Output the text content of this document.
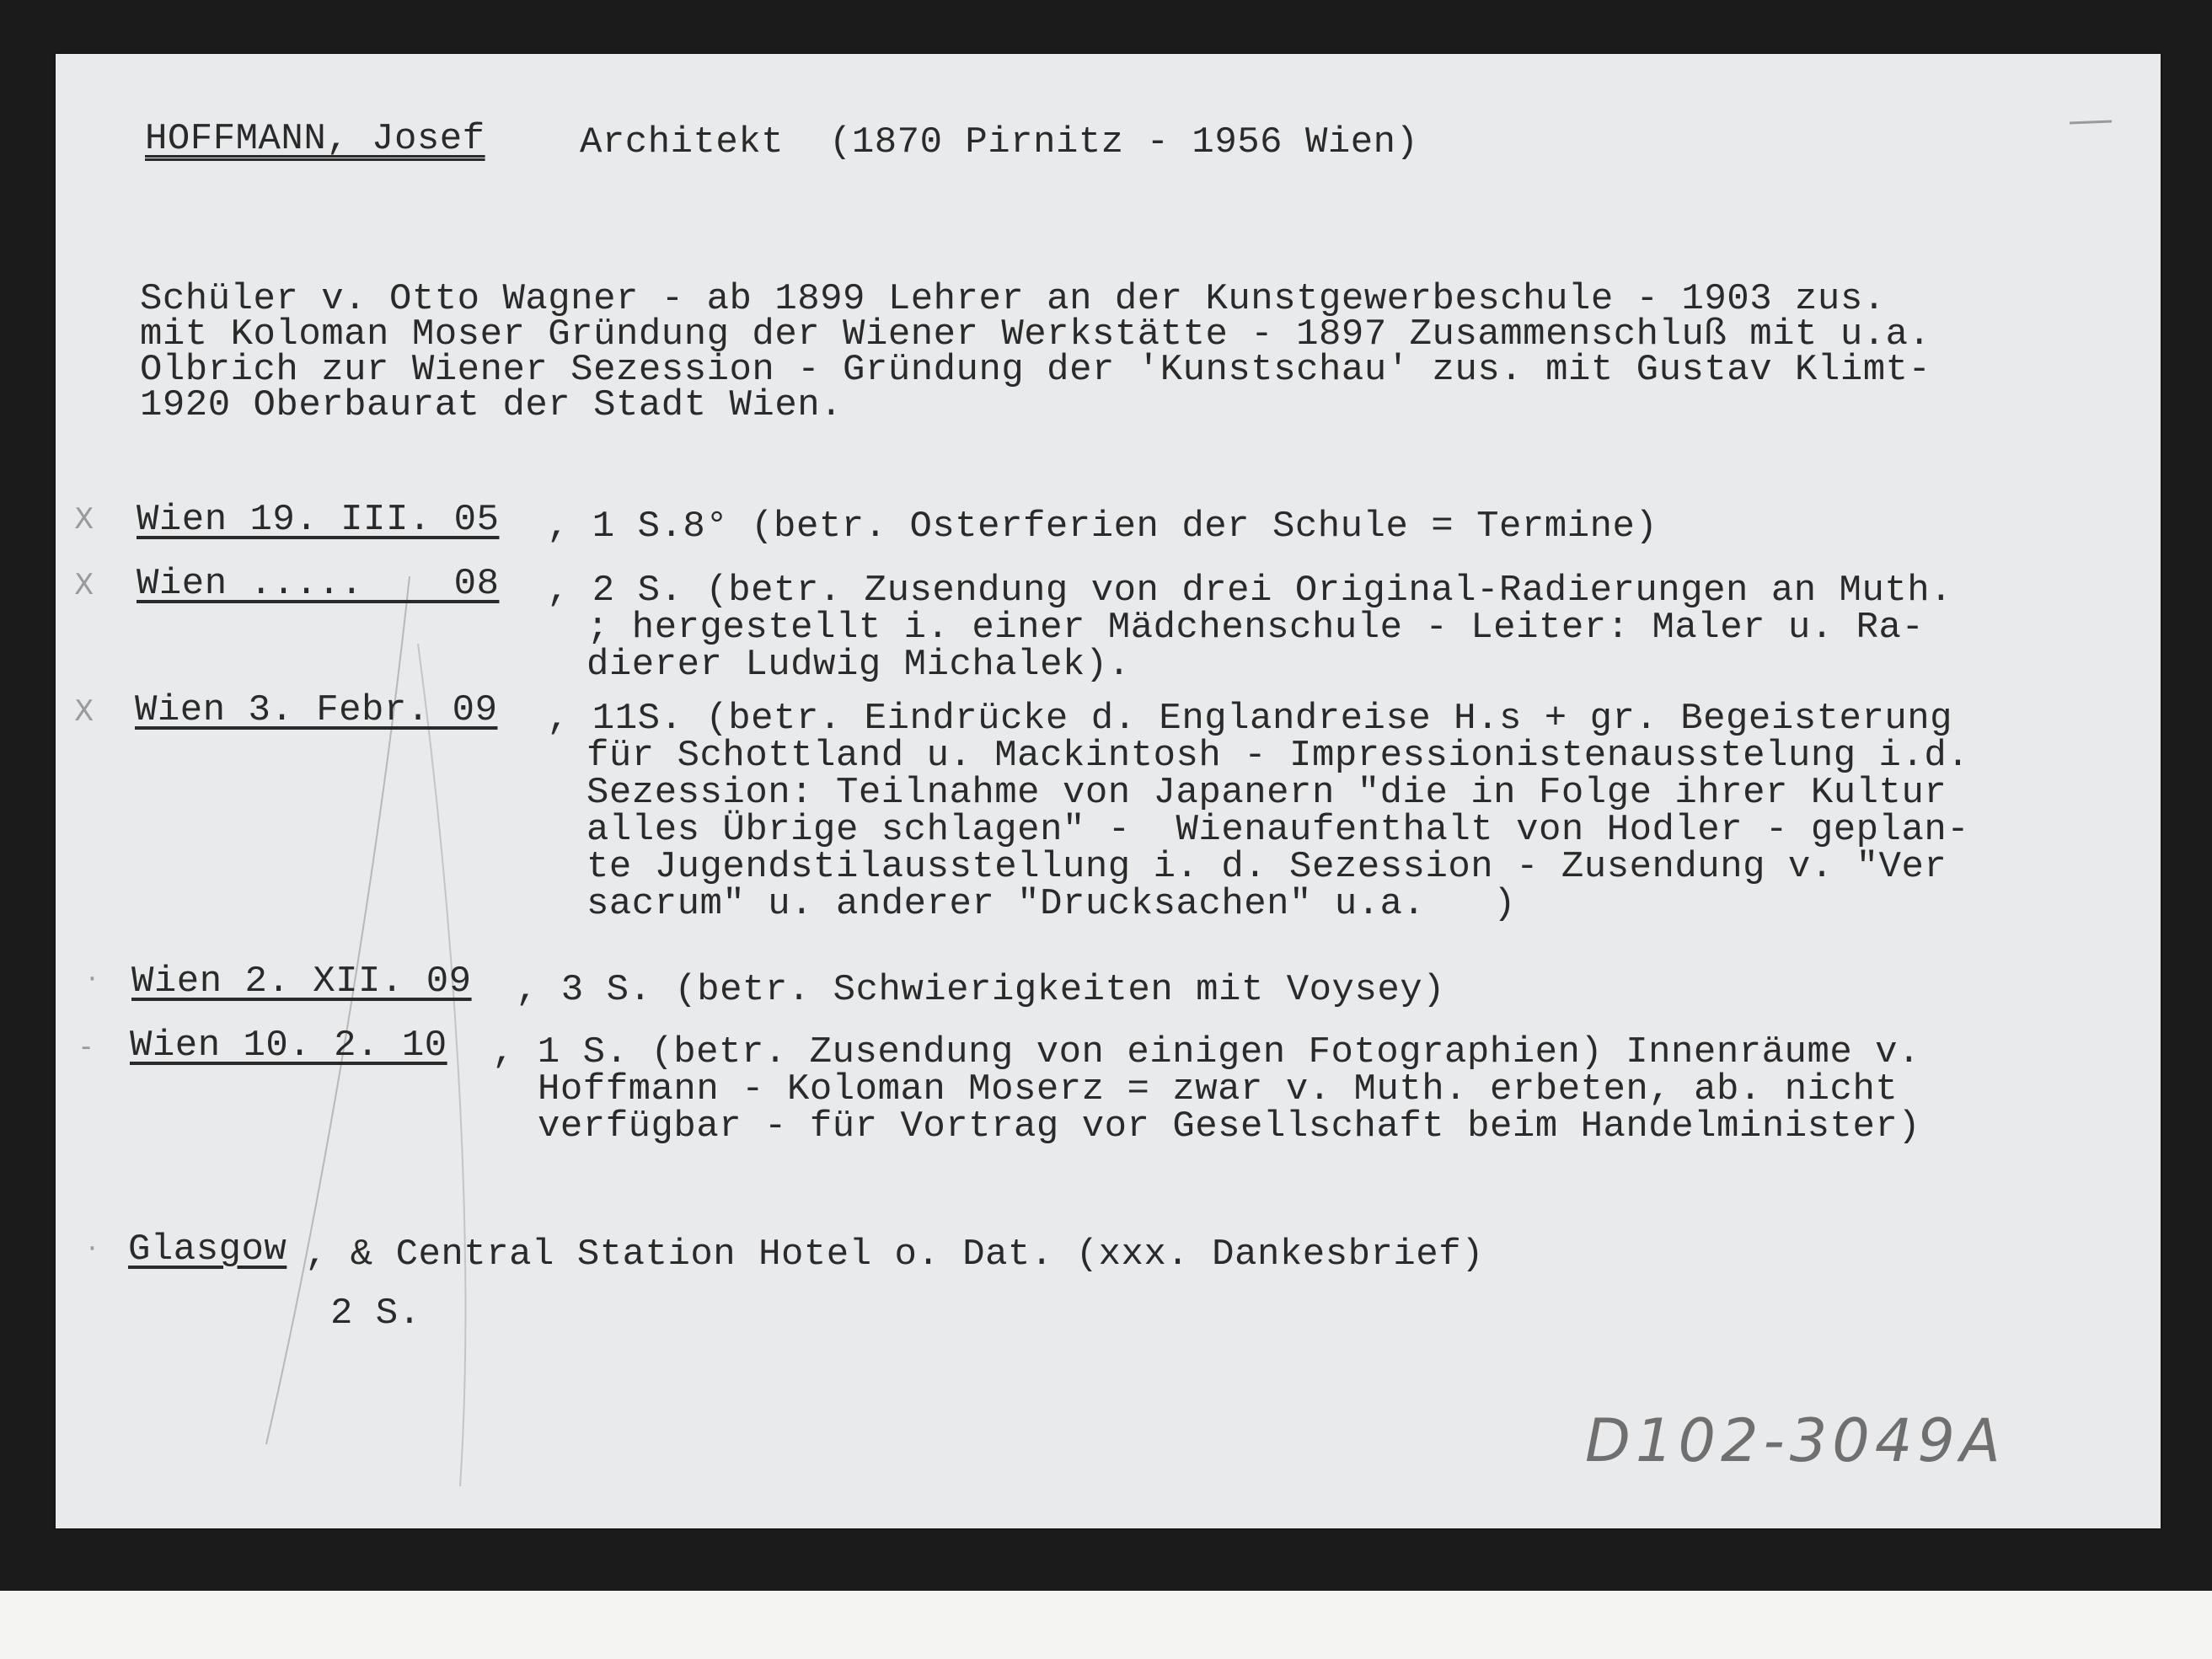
HOFFMANN, Josef	Architekt  (1870 Pirnitz - 1956 Wien)
Schüler v. Otto Wagner - ab 1899 Lehrer an der Kunstgewerbeschule - 1903 zus.
mit Koloman Moser Gründung der Wiener Werkstätte - 1897 Zusammenschluß mit u.a.
Olbrich zur Wiener Sezession - Gründung der 'Kunstschau' zus. mit Gustav Klimt-
1920 Oberbaurat der Stadt Wien.
X Wien 19. III. 05 , 1 S.8° (betr. Osterferien der Schule = Termine)
X Wien .....    08 , 2 S. (betr. Zusendung von drei Original-Radierungen an Muth.
; hergestellt i. einer Mädchenschule - Leiter: Maler u. Ra-
dierer Ludwig Michalek).
X Wien 3. Febr. 09 , 11S. (betr. Eindrücke d. Englandreise H.s + gr. Begeisterung
für Schottland u. Mackintosh - Impressionistenausstelung i.d.
Sezession: Teilnahme von Japanern "die in Folge ihrer Kultur
alles Übrige schlagen" -  Wienaufenthalt von Hodler - geplan-
te Jugendstilausstellung i. d. Sezession - Zusendung v. "Ver
sacrum" u. anderer "Drucksachen" u.a.   )
· Wien 2. XII. 09 , 3 S. (betr. Schwierigkeiten mit Voysey)
- Wien 10. 2. 10 , 1 S. (betr. Zusendung von einigen Fotographien) Innenräume v.
Hoffmann - Koloman Moserz = zwar v. Muth. erbeten, ab. nicht
verfügbar - für Vortrag vor Gesellschaft beim Handelminister)
· Glasgow , & Central Station Hotel o. Dat. (xxx. Dankesbrief)
2 S.
D102-3049A
